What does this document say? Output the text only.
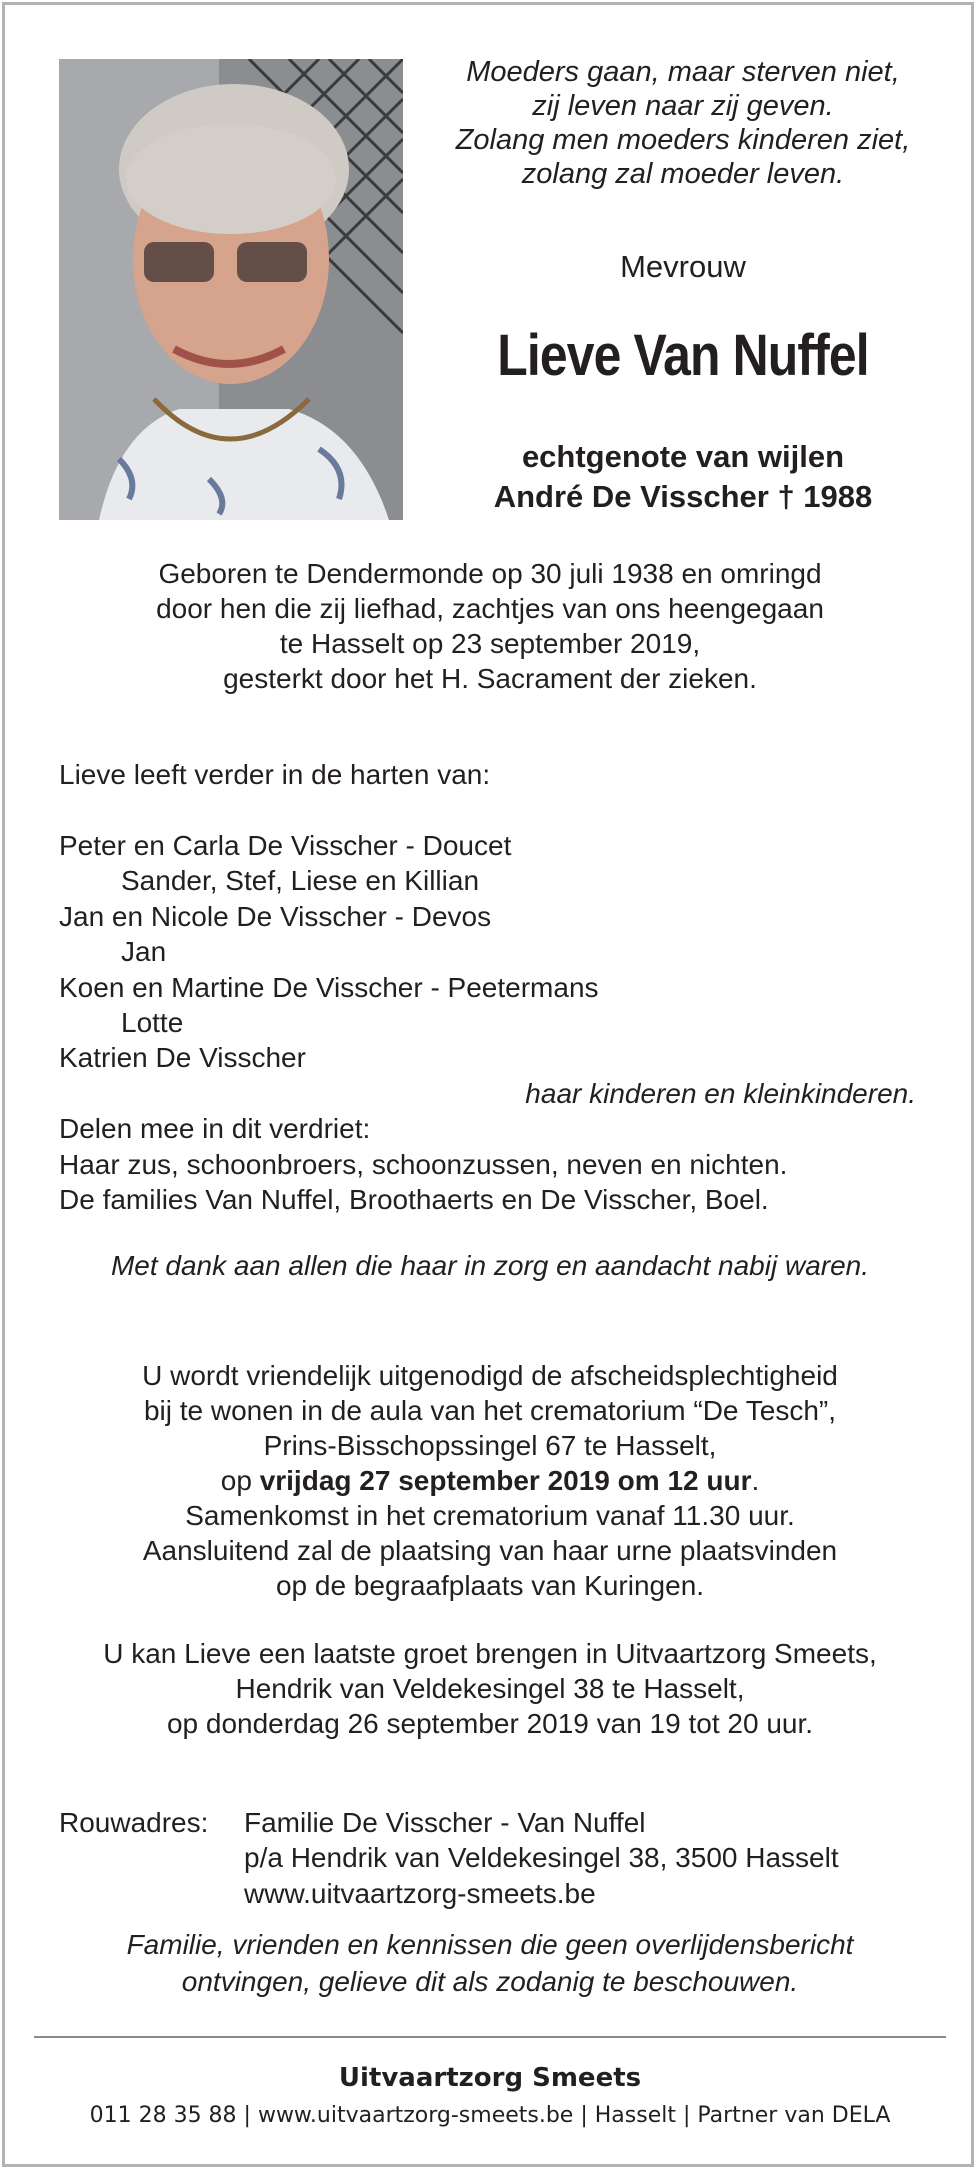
Moeders gaan, maar sterven niet,
zij leven naar zij geven.
Zolang men moeders kinderen ziet,
zolang zal moeder leven.
Mevrouw
Lieve Van Nuffel
echtgenote van wijlen
André De Visscher † 1988
Geboren te Dendermonde op 30 juli 1938 en omringd
door hen die zij liefhad, zachtjes van ons heengegaan
te Hasselt op 23 september 2019,
gesterkt door het H. Sacrament der zieken.
Lieve leeft verder in de harten van:
Peter en Carla De Visscher - Doucet
Sander, Stef, Liese en Killian
Jan en Nicole De Visscher - Devos
Jan
Koen en Martine De Visscher - Peetermans
Lotte
Katrien De Visscher
haar kinderen en kleinkinderen.
Delen mee in dit verdriet:
Haar zus, schoonbroers, schoonzussen, neven en nichten.
De families Van Nuffel, Broothaerts en De Visscher, Boel.
Met dank aan allen die haar in zorg en aandacht nabij waren.
U wordt vriendelijk uitgenodigd de afscheidsplechtigheid
bij te wonen in de aula van het crematorium “De Tesch”,
Prins-Bisschopssingel 67 te Hasselt,
op vrijdag 27 september 2019 om 12 uur.
Samenkomst in het crematorium vanaf 11.30 uur.
Aansluitend zal de plaatsing van haar urne plaatsvinden
op de begraafplaats van Kuringen.
U kan Lieve een laatste groet brengen in Uitvaartzorg Smeets,
Hendrik van Veldekesingel 38 te Hasselt,
op donderdag 26 september 2019 van 19 tot 20 uur.
Rouwadres: Familie De Visscher - Van Nuffel
p/a Hendrik van Veldekesingel 38, 3500 Hasselt
www.uitvaartzorg-smeets.be
Familie, vrienden en kennissen die geen overlijdensbericht
ontvingen, gelieve dit als zodanig te beschouwen.
Uitvaartzorg Smeets
011 28 35 88 | www.uitvaartzorg-smeets.be | Hasselt | Partner van DELA
